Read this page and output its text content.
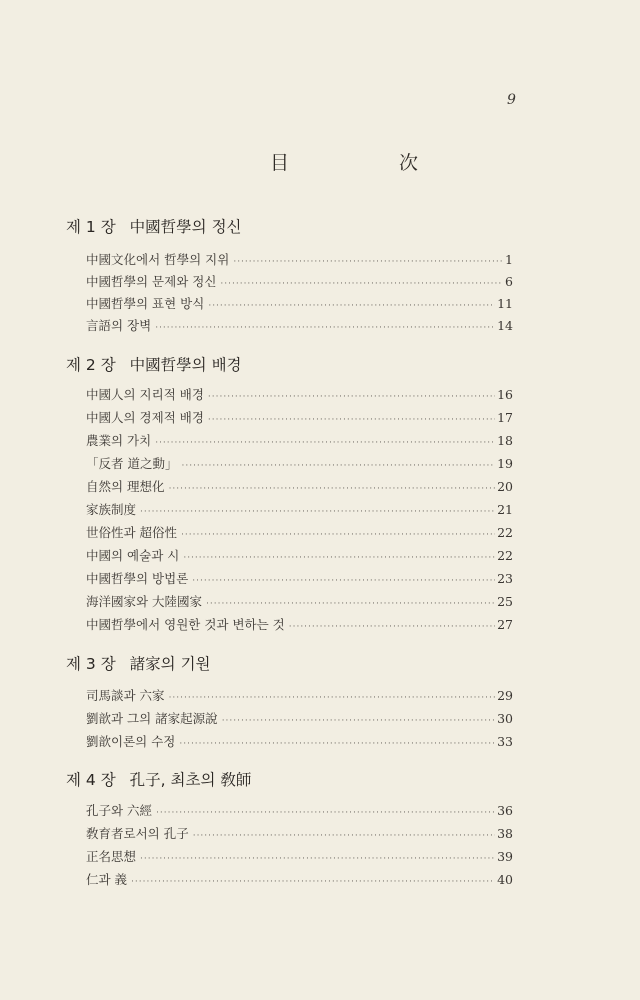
9
目 次
제 1 장 中國哲學의 정신
中國文化에서 哲學의 지위 ·····	1
中國哲學의 문제와 정신 ·····	6
中國哲學의 표현 방식 ·····	11
言語의 장벽 ·····	14
제 2 장 中國哲學의 배경
中國人의 지리적 배경 ·····	16
中國人의 경제적 배경 ·····	17
農業의 가치 ·····	18
「反者 道之動」 ·····	19
自然의 理想化 ·····	20
家族制度 ·····	21
世俗性과 超俗性 ·····	22
中國의 예술과 시 ·····	22
中國哲學의 방법론 ·····	23
海洋國家와 大陸國家 ·····	25
中國哲學에서 영원한 것과 변하는 것 ·····	27
제 3 장 諸家의 기원
司馬談과 六家 ·····	29
劉歆과 그의 諸家起源說 ·····	30
劉歆이론의 수정 ·····	33
제 4 장 孔子, 최초의 敎師
孔子와 六經 ·····	36
敎育者로서의 孔子 ·····	38
正名思想 ·····	39
仁과 義 ·····	40
